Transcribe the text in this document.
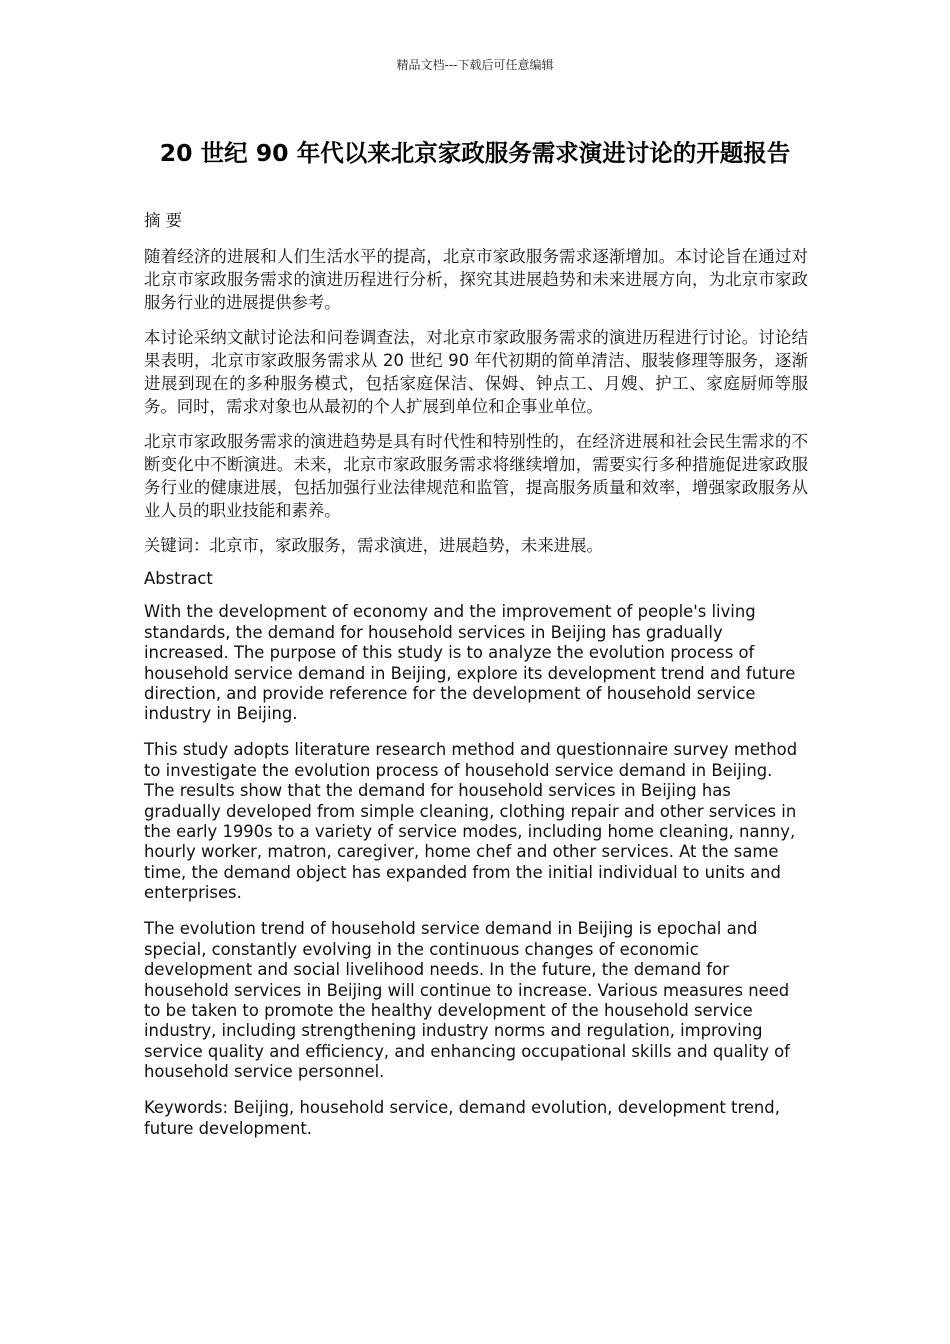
精品文档---下载后可任意编辑
20 世纪 90 年代以来北京家政服务需求演进讨论的开题报告

摘 要

随着经济的进展和人们生活水平的提高，北京市家政服务需求逐渐增加。本讨论旨在通过对北京市家政服务需求的演进历程进行分析，探究其进展趋势和未来进展方向，为北京市家政服务行业的进展提供参考。

本讨论采纳文献讨论法和问卷调查法，对北京市家政服务需求的演进历程进行讨论。讨论结果表明，北京市家政服务需求从 20 世纪 90 年代初期的简单清洁、服装修理等服务，逐渐进展到现在的多种服务模式，包括家庭保洁、保姆、钟点工、月嫂、护工、家庭厨师等服务。同时，需求对象也从最初的个人扩展到单位和企事业单位。

北京市家政服务需求的演进趋势是具有时代性和特别性的，在经济进展和社会民生需求的不断变化中不断演进。未来，北京市家政服务需求将继续增加，需要实行多种措施促进家政服务行业的健康进展，包括加强行业法律规范和监管，提高服务质量和效率，增强家政服务从业人员的职业技能和素养。

关键词：北京市，家政服务，需求演进，进展趋势，未来进展。

Abstract

With the development of economy and the improvement of people's living standards, the demand for household services in Beijing has gradually increased. The purpose of this study is to analyze the evolution process of household service demand in Beijing, explore its development trend and future direction, and provide reference for the development of household service industry in Beijing.

This study adopts literature research method and questionnaire survey method to investigate the evolution process of household service demand in Beijing. The results show that the demand for household services in Beijing has gradually developed from simple cleaning, clothing repair and other services in the early 1990s to a variety of service modes, including home cleaning, nanny, hourly worker, matron, caregiver, home chef and other services. At the same time, the demand object has expanded from the initial individual to units and enterprises.

The evolution trend of household service demand in Beijing is epochal and special, constantly evolving in the continuous changes of economic development and social livelihood needs. In the future, the demand for household services in Beijing will continue to increase. Various measures need to be taken to promote the healthy development of the household service industry, including strengthening industry norms and regulation, improving service quality and efficiency, and enhancing occupational skills and quality of household service personnel.

Keywords: Beijing, household service, demand evolution, development trend, future development.
